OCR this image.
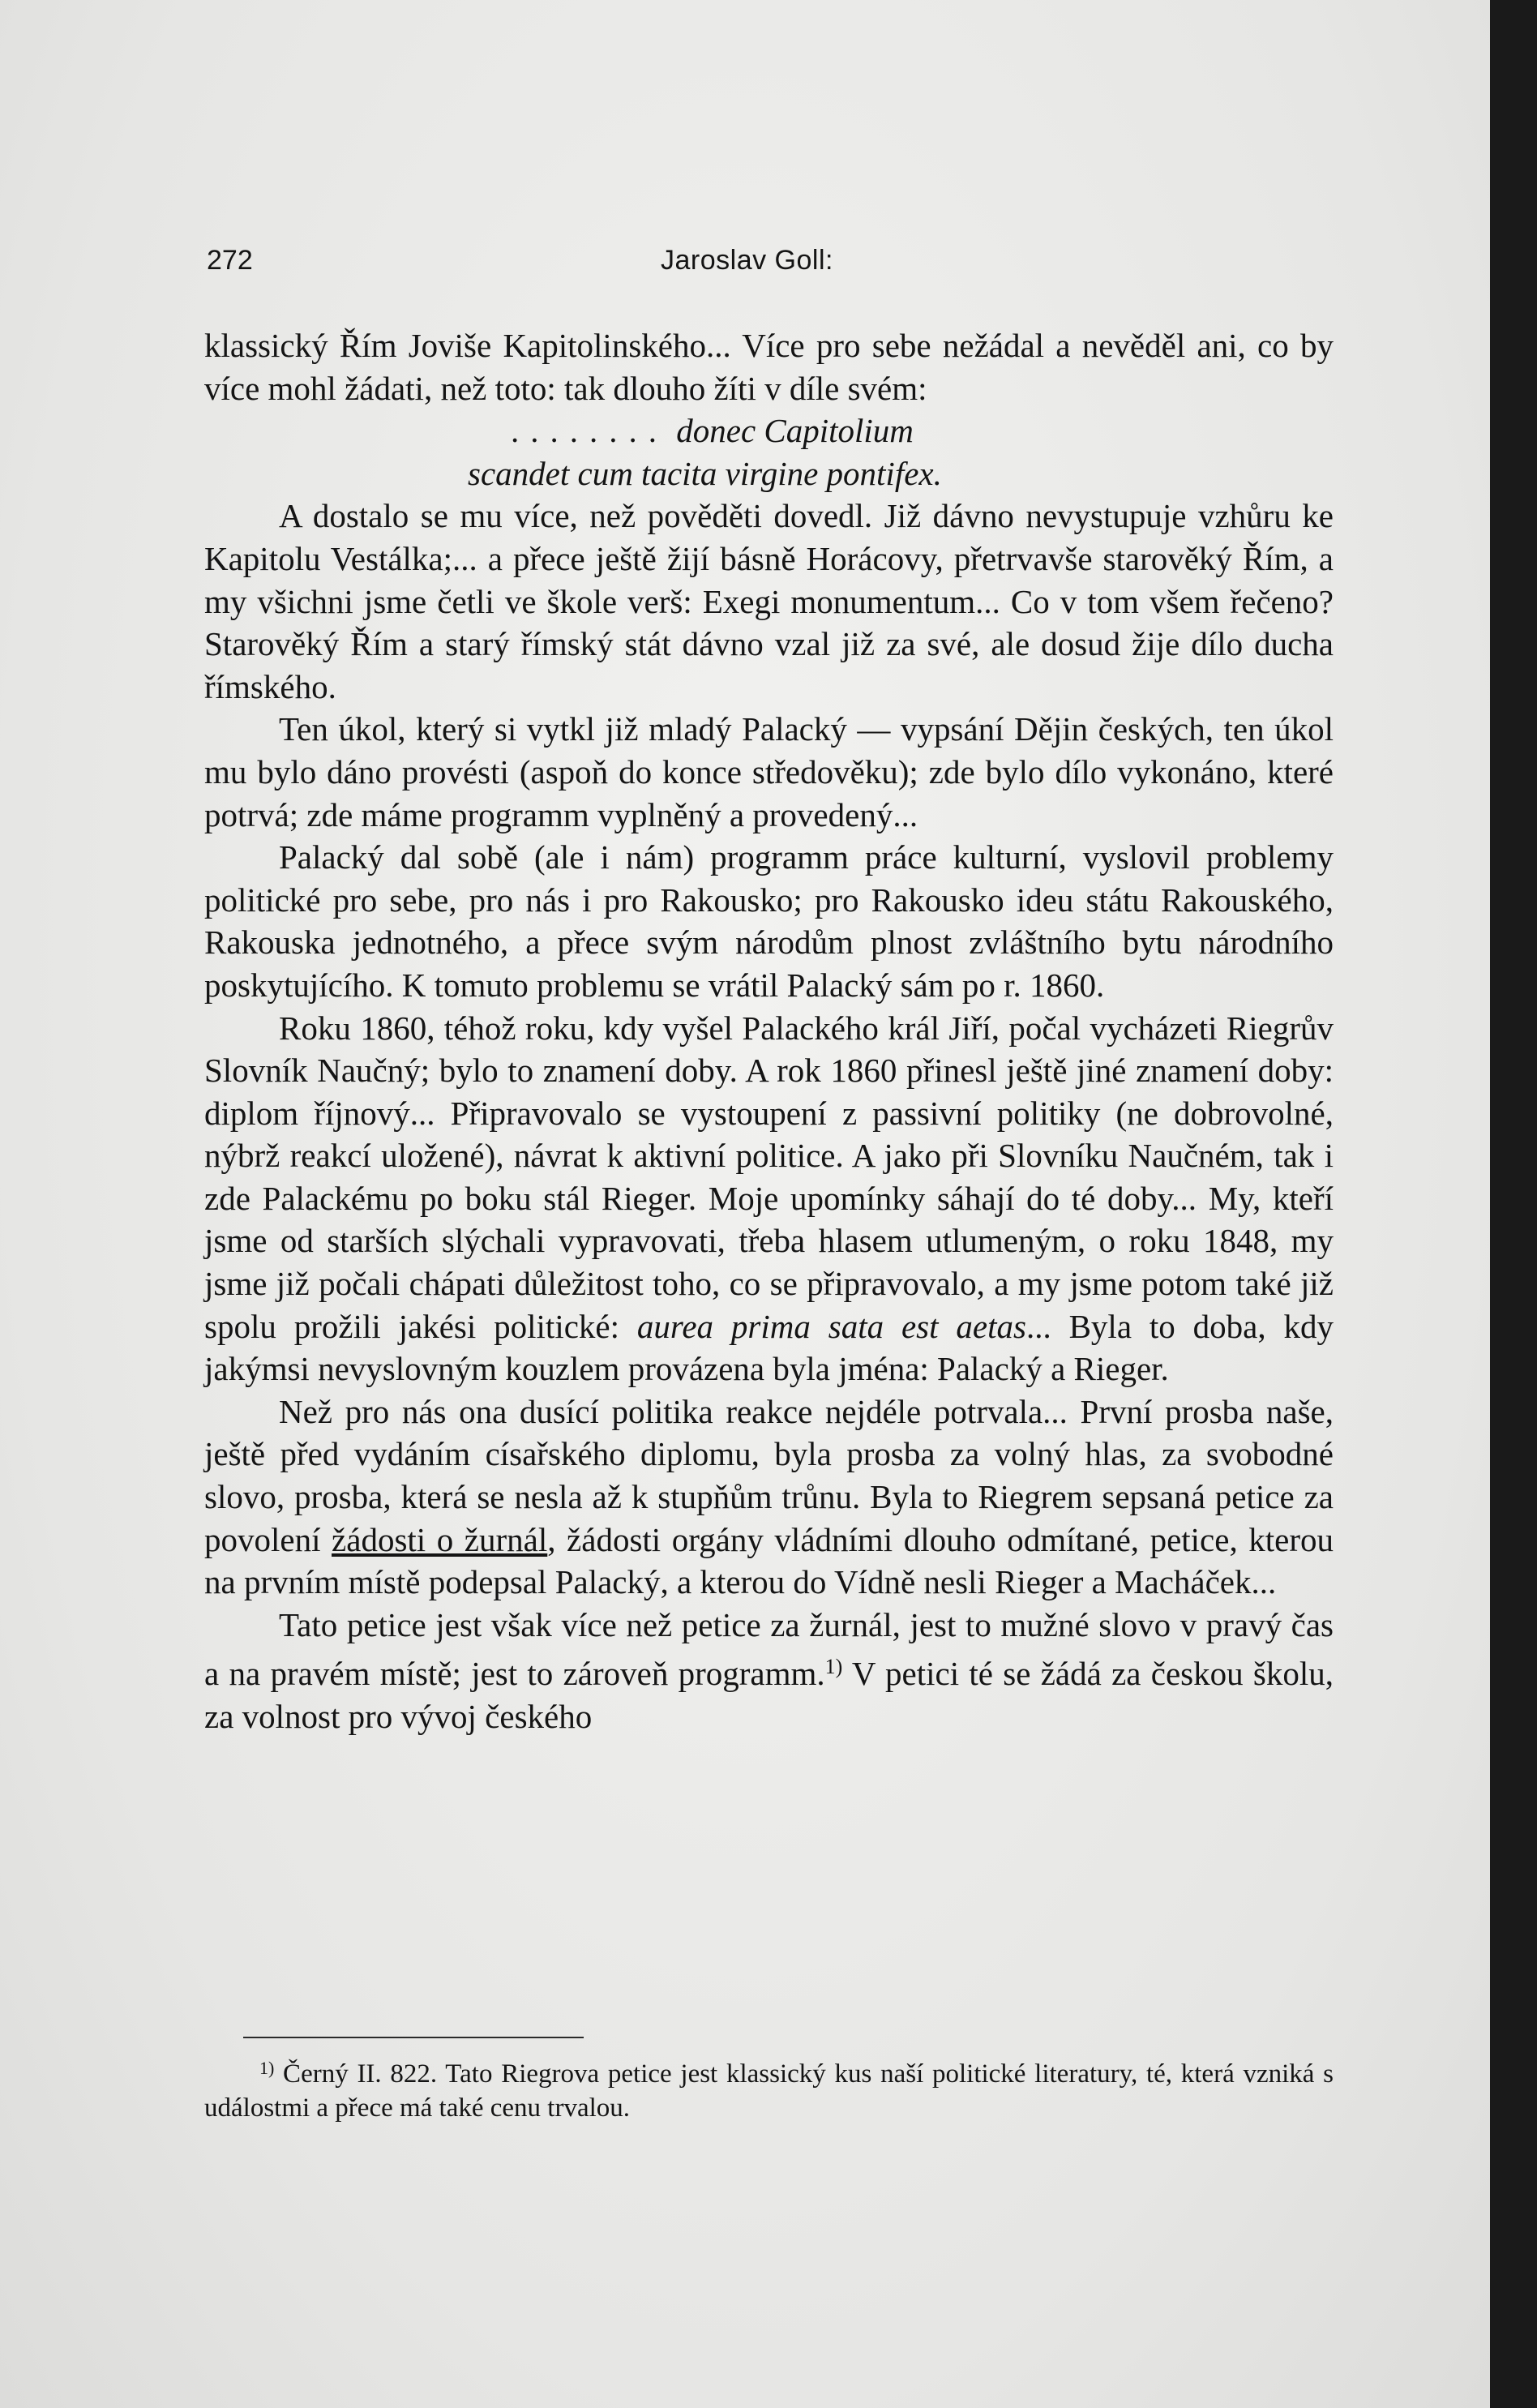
272	Jaroslav Goll:

klassický Řím Joviše Kapitolinského... Více pro sebe nežádal a nevěděl ani, co by více mohl žádati, než toto: tak dlouho žíti v díle svém:

........ donec Capitolium
scandet cum tacita virgine pontifex.

A dostalo se mu více, než pověděti dovedl. Již dávno nevystupuje vzhůru ke Kapitolu Vestálka;... a přece ještě žijí básně Horácovy, přetrvavše starověký Řím, a my všichni jsme četli ve škole verš: Exegi monumentum... Co v tom všem řečeno? Starověký Řím a starý římský stát dávno vzal již za své, ale dosud žije dílo ducha římského.

Ten úkol, který si vytkl již mladý Palacký — vypsání Dějin českých, ten úkol mu bylo dáno provésti (aspoň do konce středověku); zde bylo dílo vykonáno, které potrvá; zde máme programm vyplněný a provedený...

Palacký dal sobě (ale i nám) programm práce kulturní, vyslovil problemy politické pro sebe, pro nás i pro Rakousko; pro Rakousko ideu státu Rakouského, Rakouska jednotného, a přece svým národům plnost zvláštního bytu národního poskytujícího. K tomuto problemu se vrátil Palacký sám po r. 1860.

Roku 1860, téhož roku, kdy vyšel Palackého král Jiří, počal vycházeti Riegrův Slovník Naučný; bylo to znamení doby. A rok 1860 přinesl ještě jiné znamení doby: diplom říjnový... Připravovalo se vystoupení z passivní politiky (ne dobrovolné, nýbrž reakcí uložené), návrat k aktivní politice. A jako při Slovníku Naučném, tak i zde Palackému po boku stál Rieger. Moje upomínky sáhají do té doby... My, kteří jsme od starších slýchali vypravovati, třeba hlasem utlumeným, o roku 1848, my jsme již počali chápati důležitost toho, co se připravovalo, a my jsme potom také již spolu prožili jakési politické: aurea prima sata est aetas... Byla to doba, kdy jakýmsi nevyslovným kouzlem provázena byla jména: Palacký a Rieger.

Než pro nás ona dusící politika reakce nejdéle potrvala... První prosba naše, ještě před vydáním císařského diplomu, byla prosba za volný hlas, za svobodné slovo, prosba, která se nesla až k stupňům trůnu. Byla to Riegrem sepsaná petice za povolení žádosti o žurnál, žádosti orgány vládními dlouho odmítané, petice, kterou na prvním místě podepsal Palacký, a kterou do Vídně nesli Rieger a Macháček...

Tato petice jest však více než petice za žurnál, jest to mužné slovo v pravý čas a na pravém místě; jest to zároveň programm.$^{1)}$ V petici té se žádá za českou školu, za volnost pro vývoj českého

$^{1)}$ Černý II. 822. Tato Riegrova petice jest klassický kus naší politické literatury, té, která vzniká s událostmi a přece má také cenu trvalou.
